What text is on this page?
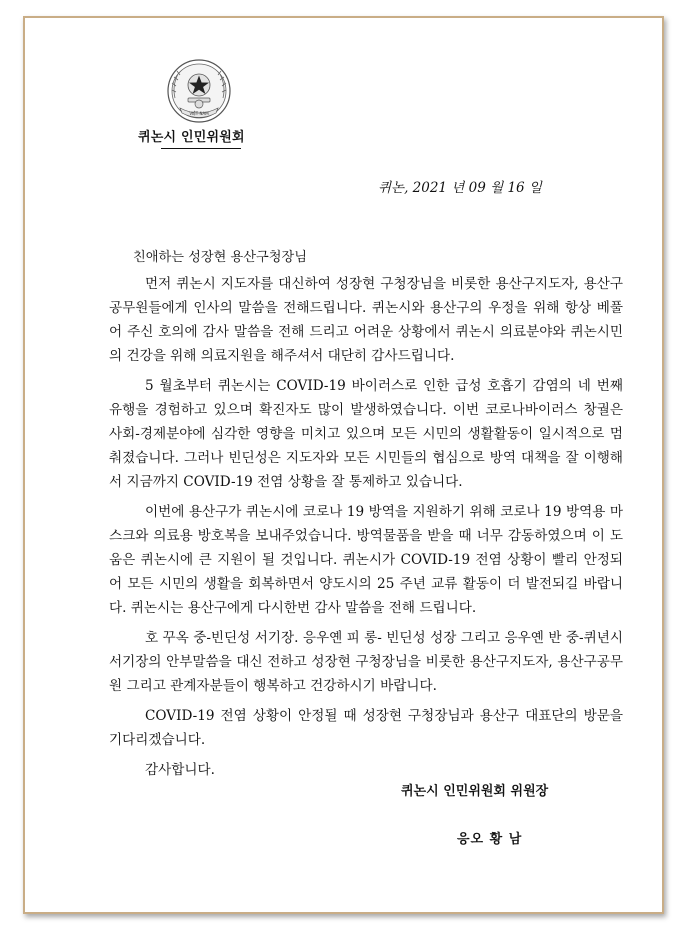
VIỆT NAM
퀴논시 인민위원회
퀴논, 2021 년 09 월 16 일

친애하는 성장현 용산구청장님

먼저 퀴논시 지도자를 대신하여 성장현 구청장님을 비롯한 용산구지도자, 용산구 공무원들에게 인사의 말씀을 전해드립니다. 퀴논시와 용산구의 우정을 위해 항상 베풀어 주신 호의에 감사 말씀을 전해 드리고 어려운 상황에서 퀴논시 의료분야와 퀴논시민의 건강을 위해 의료지원을 해주셔서 대단히 감사드립니다.

5 월초부터 퀴논시는 COVID-19 바이러스로 인한 급성 호흡기 감염의 네 번째 유행을 경험하고 있으며 확진자도 많이 발생하였습니다. 이번 코로나바이러스 창궐은 사회-경제분야에 심각한 영향을 미치고 있으며 모든 시민의 생활활동이 일시적으로 멈춰졌습니다. 그러나 빈딘성은 지도자와 모든 시민들의 협심으로 방역 대책을 잘 이행해서 지금까지 COVID-19 전염 상황을 잘 통제하고 있습니다.

이번에 용산구가 퀴논시에 코로나 19 방역을 지원하기 위해 코로나 19 방역용 마스크와 의료용 방호복을 보내주었습니다. 방역물품을 받을 때 너무 감동하였으며 이 도움은 퀴논시에 큰 지원이 될 것입니다. 퀴논시가 COVID-19 전염 상황이 빨리 안정되어 모든 시민의 생활을 회복하면서 양도시의 25 주년 교류 활동이 더 발전되길 바랍니다. 퀴논시는 용산구에게 다시한번 감사 말씀을 전해 드립니다.

호 꾸옥 중-빈딘성 서기장. 응우옌 피 롱- 빈딘성 성장 그리고 응우옌 반 중-퀴년시 서기장의 안부말씀을 대신 전하고 성장현 구청장님을 비롯한 용산구지도자, 용산구공무원 그리고 관계자분들이 행복하고 건강하시기 바랍니다.

COVID-19 전염 상황이 안정될 때 성장현 구청장님과 용산구 대표단의 방문을 기다리겠습니다.

감사합니다.

퀴논시 인민위원회 위원장
응오 황 남
